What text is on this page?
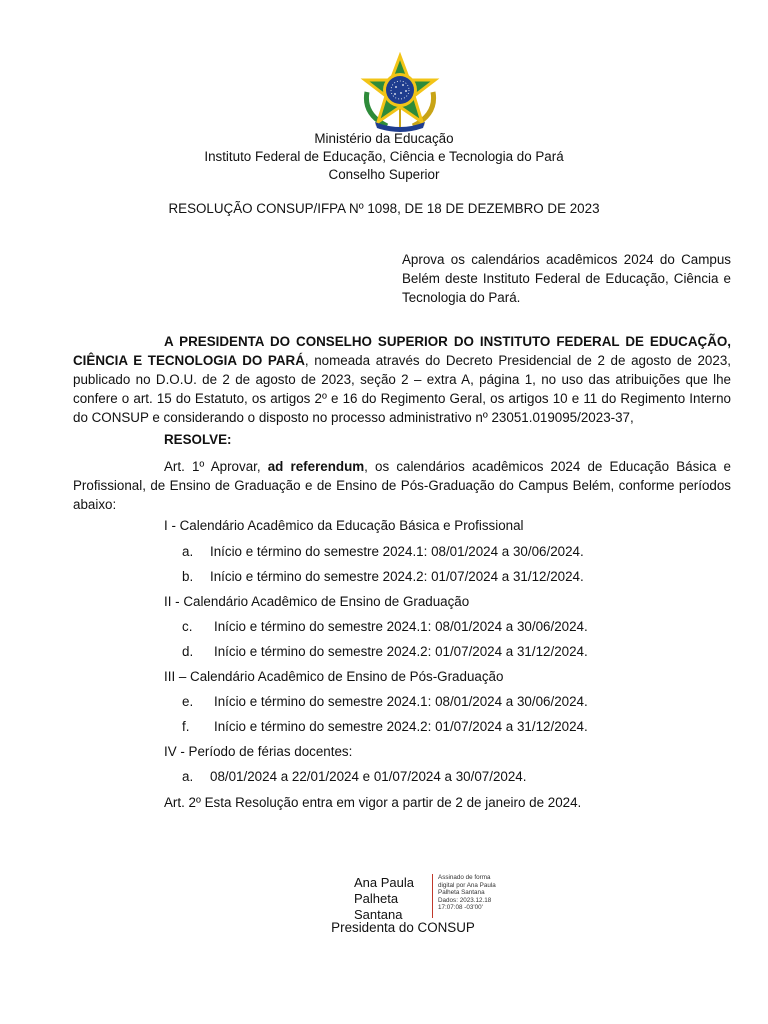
Ministério da Educação
Instituto Federal de Educação, Ciência e Tecnologia do Pará
Conselho Superior
RESOLUÇÃO CONSUP/IFPA Nº 1098, DE 18 DE DEZEMBRO DE 2023
Aprova os calendários acadêmicos 2024 do Campus Belém deste Instituto Federal de Educação, Ciência e Tecnologia do Pará.

A PRESIDENTA DO CONSELHO SUPERIOR DO INSTITUTO FEDERAL DE EDUCAÇÃO, CIÊNCIA E TECNOLOGIA DO PARÁ, nomeada através do Decreto Presidencial de 2 de agosto de 2023, publicado no D.O.U. de 2 de agosto de 2023, seção 2 – extra A, página 1, no uso das atribuições que lhe confere o art. 15 do Estatuto, os artigos 2º e 16 do Regimento Geral, os artigos 10 e 11 do Regimento Interno do CONSUP e considerando o disposto no processo administrativo nº 23051.019095/2023-37,

RESOLVE:

Art. 1º Aprovar, ad referendum, os calendários acadêmicos 2024 de Educação Básica e Profissional, de Ensino de Graduação e de Ensino de Pós-Graduação do Campus Belém, conforme períodos abaixo:

I - Calendário Acadêmico da Educação Básica e Profissional
a. Início e término do semestre 2024.1: 08/01/2024 a 30/06/2024.
b. Início e término do semestre 2024.2: 01/07/2024 a 31/12/2024.
II - Calendário Acadêmico de Ensino de Graduação
c. Início e término do semestre 2024.1: 08/01/2024 a 30/06/2024.
d. Início e término do semestre 2024.2: 01/07/2024 a 31/12/2024.
III – Calendário Acadêmico de Ensino de Pós-Graduação
e. Início e término do semestre 2024.1: 08/01/2024 a 30/06/2024.
f. Início e término do semestre 2024.2: 01/07/2024 a 31/12/2024.
IV - Período de férias docentes:
a. 08/01/2024 a 22/01/2024 e 01/07/2024 a 30/07/2024.
Art. 2º Esta Resolução entra em vigor a partir de 2 de janeiro de 2024.
Ana Paula
Palheta
Santana
Assinado de forma
digital por Ana Paula
Palheta Santana
Dados: 2023.12.18
17:07:08 -03'00'
Presidenta do CONSUP
